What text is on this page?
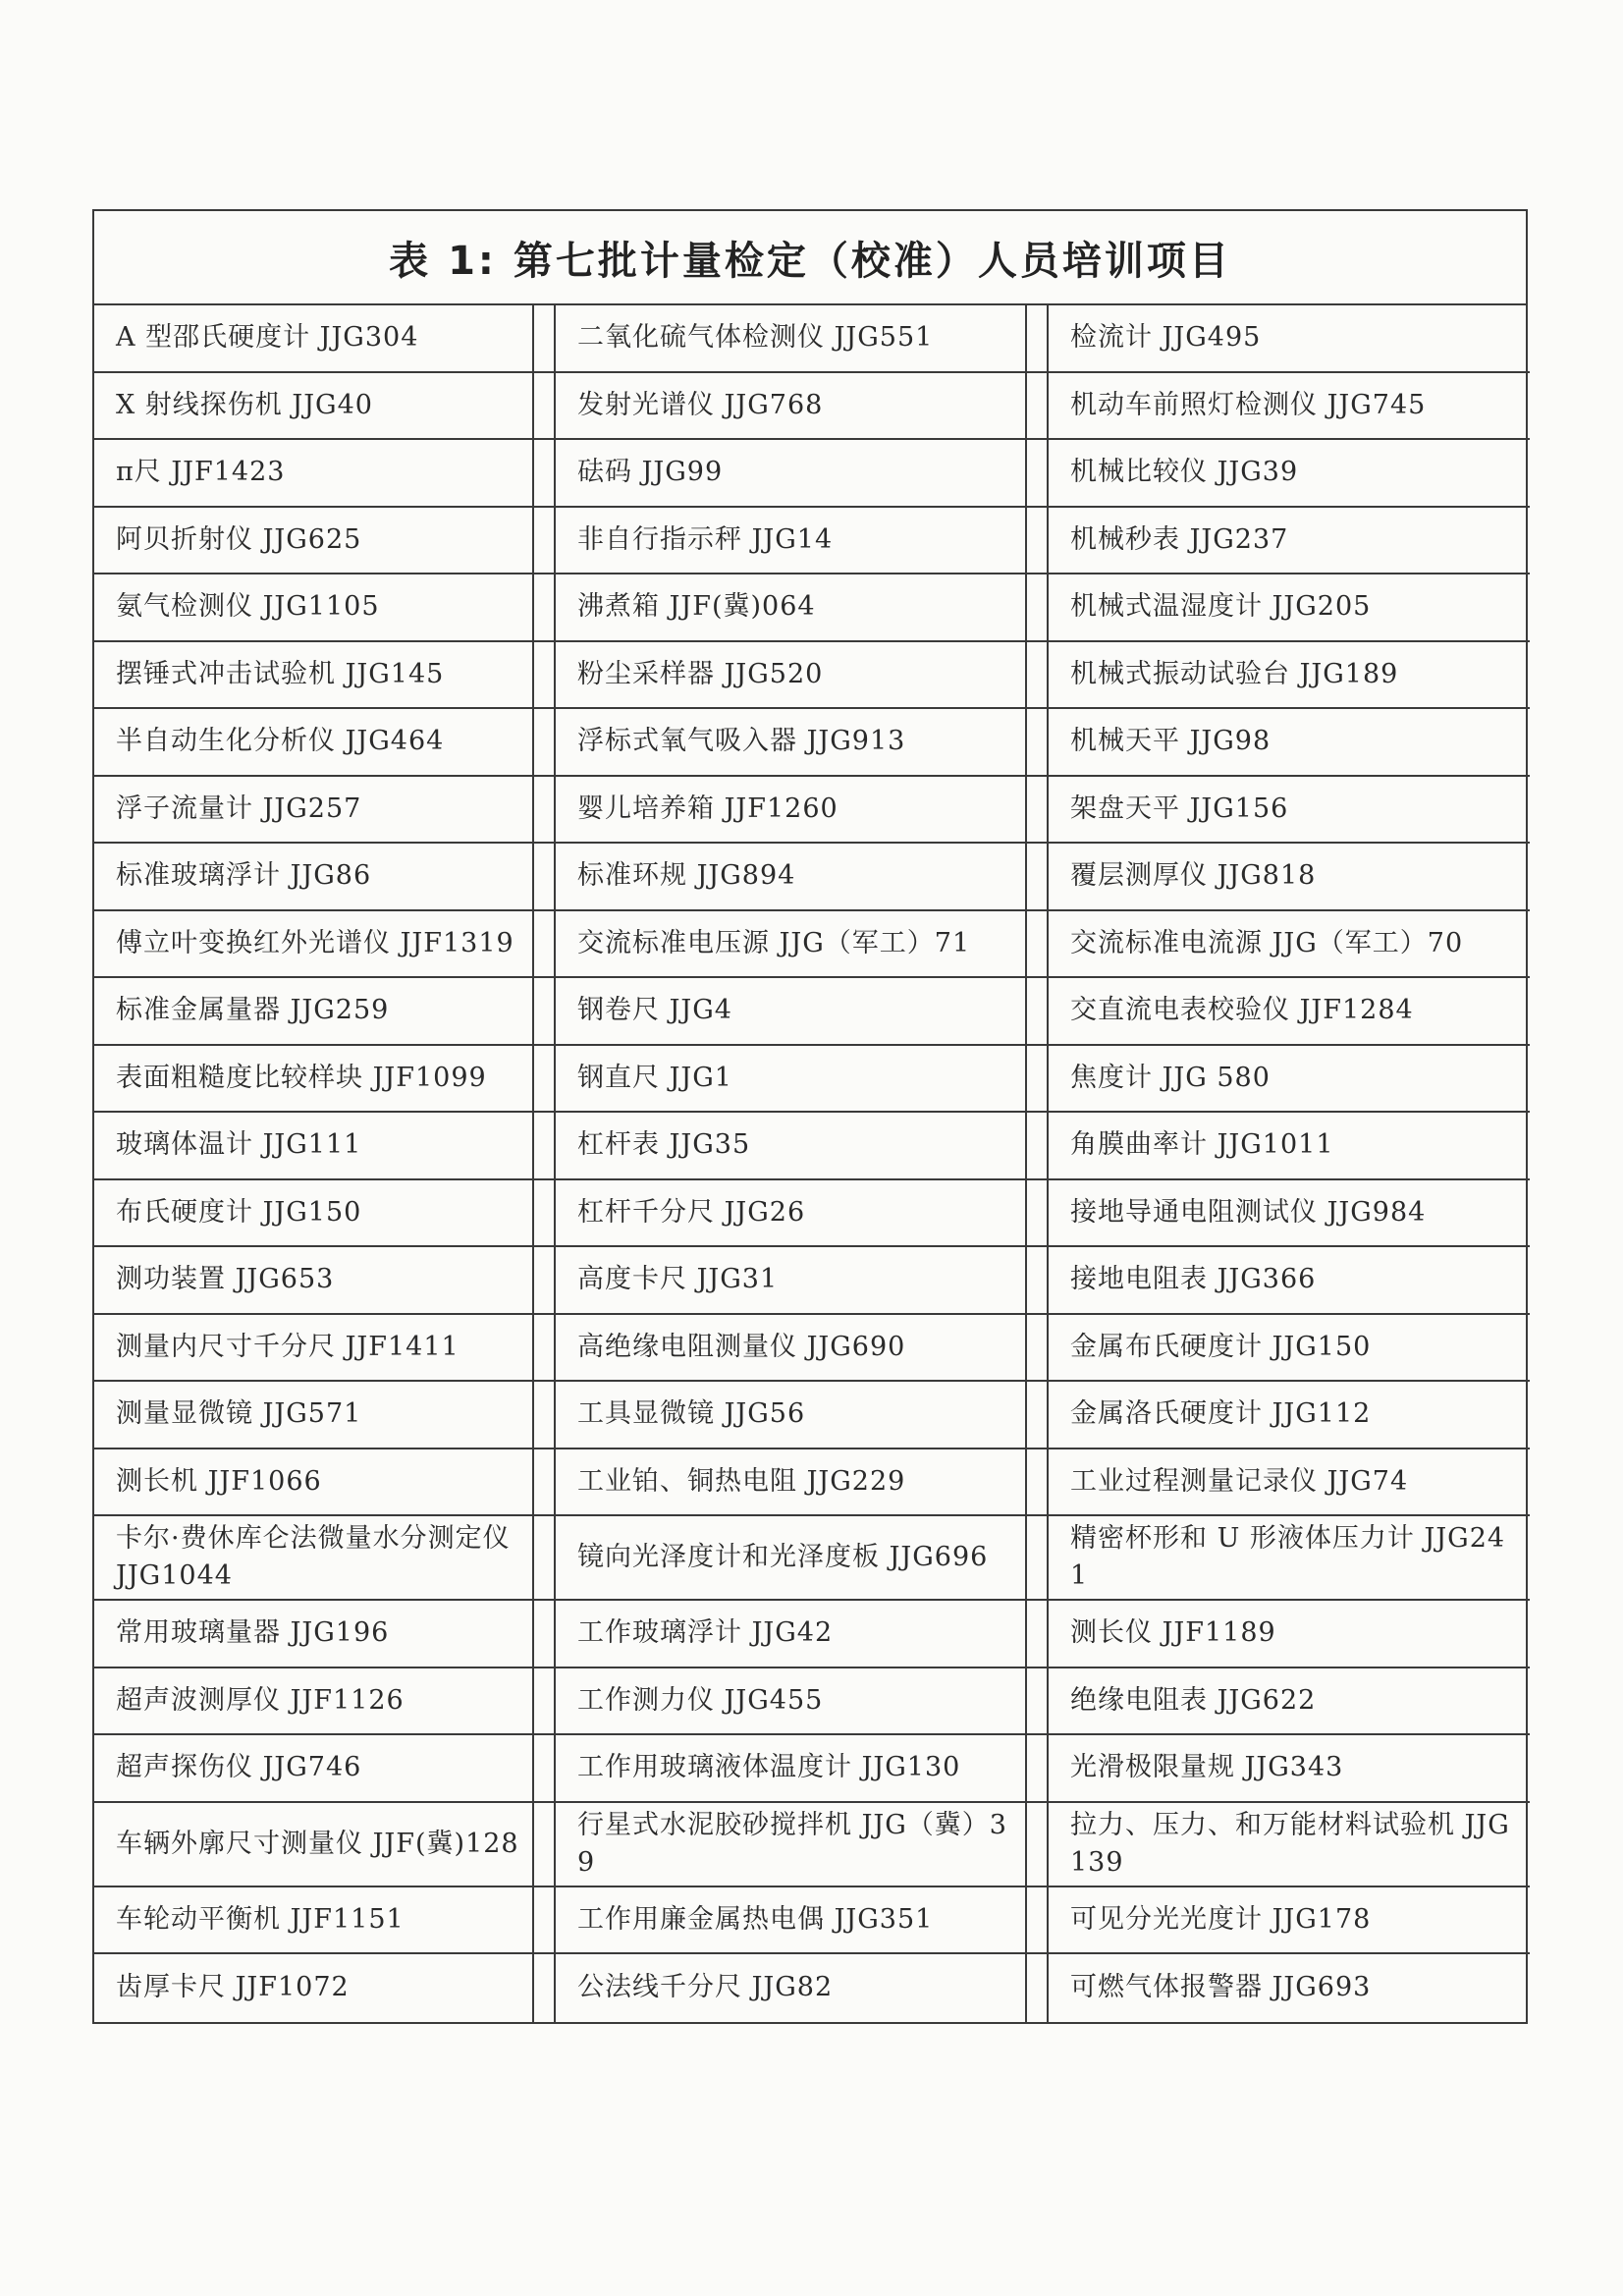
表 1: 第七批计量检定（校准）人员培训项目
A 型邵氏硬度计 JJG304		二氧化硫气体检测仪 JJG551		检流计 JJG495
X 射线探伤机 JJG40		发射光谱仪 JJG768		机动车前照灯检测仪 JJG745
π尺 JJF1423		砝码 JJG99		机械比较仪 JJG39
阿贝折射仪 JJG625		非自行指示秤 JJG14		机械秒表 JJG237
氨气检测仪 JJG1105		沸煮箱 JJF(冀)064		机械式温湿度计 JJG205
摆锤式冲击试验机 JJG145		粉尘采样器 JJG520		机械式振动试验台 JJG189
半自动生化分析仪 JJG464		浮标式氧气吸入器 JJG913		机械天平 JJG98
浮子流量计 JJG257		婴儿培养箱 JJF1260		架盘天平 JJG156
标准玻璃浮计 JJG86		标准环规 JJG894		覆层测厚仪 JJG818
傅立叶变换红外光谱仪 JJF1319		交流标准电压源 JJG（军工）71		交流标准电流源 JJG（军工）70
标准金属量器 JJG259		钢卷尺 JJG4		交直流电表校验仪 JJF1284
表面粗糙度比较样块 JJF1099		钢直尺 JJG1		焦度计 JJG 580
玻璃体温计 JJG111		杠杆表 JJG35		角膜曲率计 JJG1011
布氏硬度计 JJG150		杠杆千分尺 JJG26		接地导通电阻测试仪 JJG984
测功装置 JJG653		高度卡尺 JJG31		接地电阻表 JJG366
测量内尺寸千分尺 JJF1411		高绝缘电阻测量仪 JJG690		金属布氏硬度计 JJG150
测量显微镜 JJG571		工具显微镜 JJG56		金属洛氏硬度计 JJG112
测长机 JJF1066		工业铂、铜热电阻 JJG229		工业过程测量记录仪 JJG74
卡尔·费休库仑法微量水分测定仪 JJG1044		镜向光泽度计和光泽度板 JJG696		精密杯形和 U 形液体压力计 JJG241
常用玻璃量器 JJG196		工作玻璃浮计 JJG42		测长仪 JJF1189
超声波测厚仪 JJF1126		工作测力仪 JJG455		绝缘电阻表 JJG622
超声探伤仪 JJG746		工作用玻璃液体温度计 JJG130		光滑极限量规 JJG343
车辆外廓尺寸测量仪 JJF(冀)128		行星式水泥胶砂搅拌机 JJG（冀）39		拉力、压力、和万能材料试验机 JJG139
车轮动平衡机 JJF1151		工作用廉金属热电偶 JJG351		可见分光光度计 JJG178
齿厚卡尺 JJF1072		公法线千分尺 JJG82		可燃气体报警器 JJG693
